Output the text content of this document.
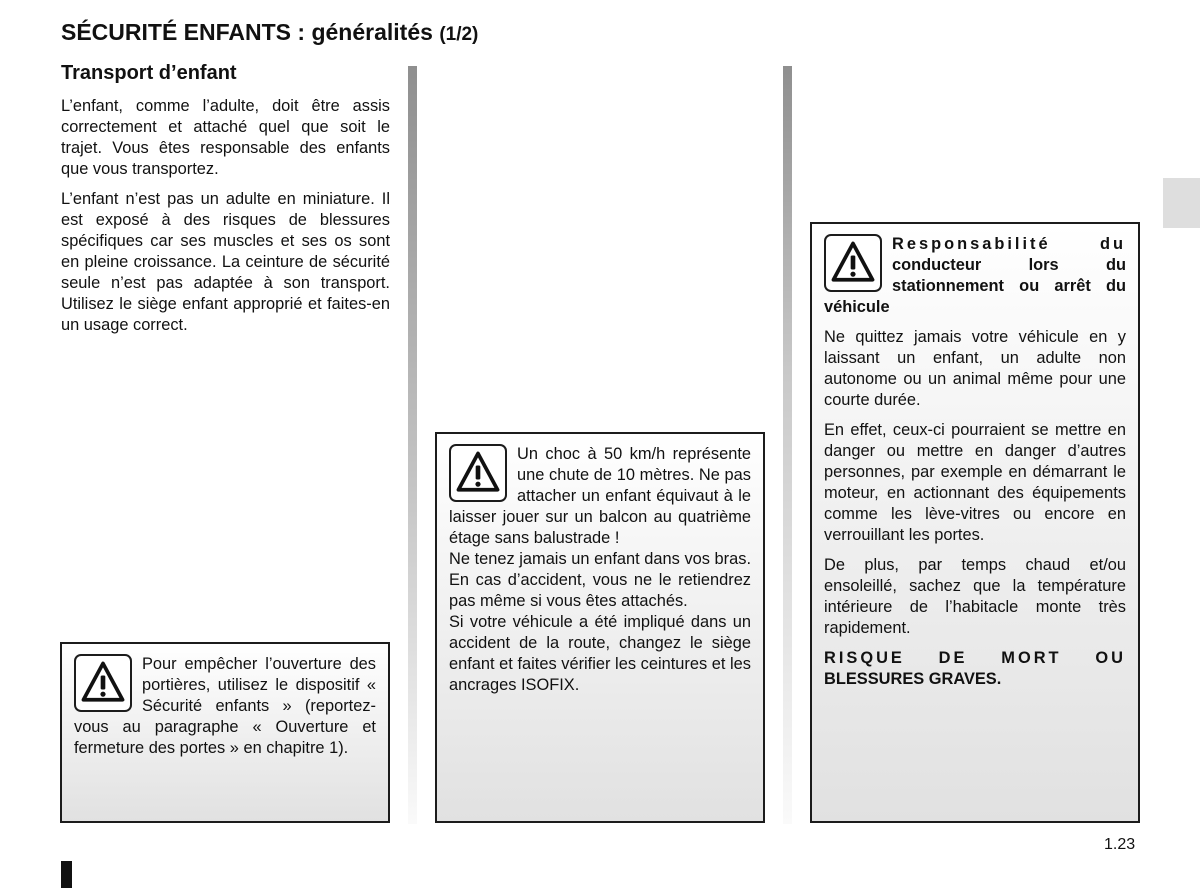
SÉCURITÉ ENFANTS : généralités (1/2)
Transport d’enfant

L’enfant, comme l’adulte, doit être assis correctement et attaché quel que soit le trajet. Vous êtes responsable des enfants que vous transportez.

L’enfant n’est pas un adulte en miniature. Il est exposé à des risques de blessures spécifiques car ses muscles et ses os sont en pleine croissance. La ceinture de sécurité seule n’est pas adaptée à son transport. Utilisez le siège enfant approprié et faites-en un usage correct.

Pour empêcher l’ouverture des portières, utilisez le dispositif « Sécurité enfants » (reportez-vous au paragraphe « Ouverture et fermeture des portes » en chapitre 1).

Un choc à 50 km/h représente une chute de 10 mètres. Ne pas attacher un enfant équivaut à le laisser jouer sur un balcon au quatrième étage sans balustrade !

Ne tenez jamais un enfant dans vos bras. En cas d’accident, vous ne le retiendrez pas même si vous êtes attachés.

Si votre véhicule a été impliqué dans un accident de la route, changez le siège enfant et faites vérifier les ceintures et les ancrages ISOFIX.

Responsabilité du conducteur lors du stationnement ou arrêt du véhicule

Ne quittez jamais votre véhicule en y laissant un enfant, un adulte non autonome ou un animal même pour une courte durée.

En effet, ceux-ci pourraient se mettre en danger ou mettre en danger d’autres personnes, par exemple en démarrant le moteur, en actionnant des équipements comme les lève-vitres ou encore en verrouillant les portes.

De plus, par temps chaud et/ou ensoleillé, sachez que la température intérieure de l’habitacle monte très rapidement.

RISQUE DE MORT OU BLESSURES GRAVES.

1.23
